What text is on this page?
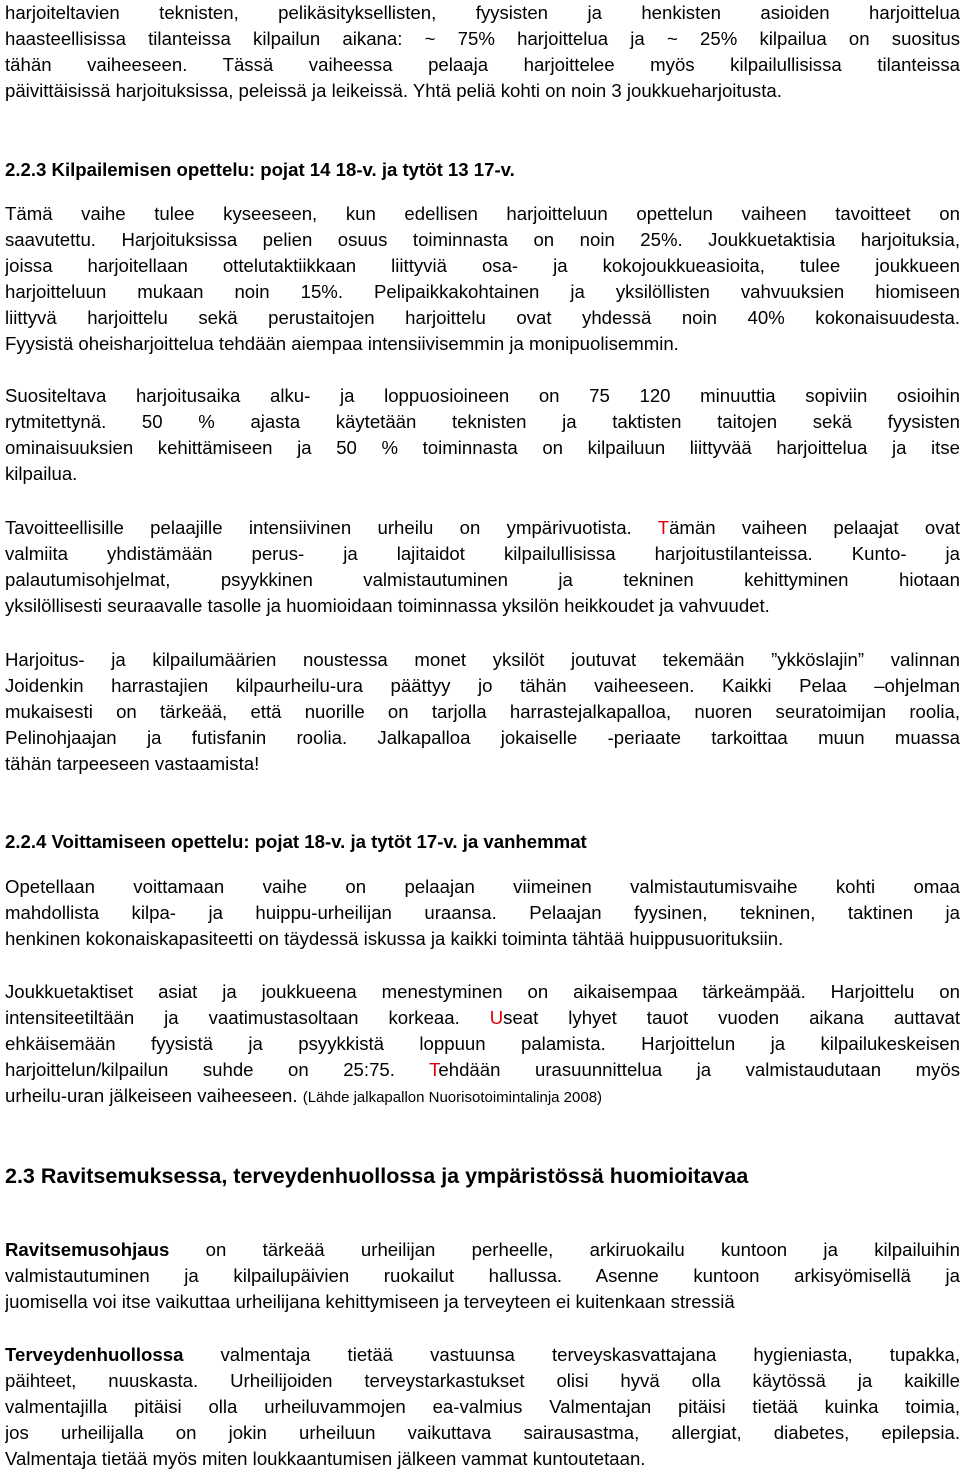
harjoiteltavien teknisten, pelikäsityksellisten, fyysisten ja henkisten asioiden harjoittelua
haasteellisissa tilanteissa kilpailun aikana: ~ 75% harjoittelua ja ~ 25% kilpailua on suositus
tähän vaiheeseen. Tässä vaiheessa pelaaja harjoittelee myös kilpailullisissa tilanteissa
päivittäisissä harjoituksissa, peleissä ja leikeissä. Yhtä peliä kohti on noin 3 joukkueharjoitusta.
2.2.3 Kilpailemisen opettelu: pojat 14 18-v. ja tytöt 13 17-v.
Tämä vaihe tulee kyseeseen, kun edellisen harjoitteluun opettelun vaiheen tavoitteet on
saavutettu. Harjoituksissa pelien osuus toiminnasta on noin 25%. Joukkuetaktisia harjoituksia,
joissa harjoitellaan ottelutaktiikkaan liittyviä osa- ja kokojoukkueasioita, tulee joukkueen
harjoitteluun mukaan noin 15%. Pelipaikkakohtainen ja yksilöllisten vahvuuksien hiomiseen
liittyvä harjoittelu sekä perustaitojen harjoittelu ovat yhdessä noin 40% kokonaisuudesta.
Fyysistä oheisharjoittelua tehdään aiempaa intensiivisemmin ja monipuolisemmin.
Suositeltava harjoitusaika alku- ja loppuosioineen on 75 120 minuuttia sopiviin osioihin
rytmitettynä. 50 % ajasta käytetään teknisten ja taktisten taitojen sekä fyysisten
ominaisuuksien kehittämiseen ja 50 % toiminnasta on kilpailuun liittyvää harjoittelua ja itse
kilpailua.
Tavoitteellisille pelaajille intensiivinen urheilu on ympärivuotista. Tämän vaiheen pelaajat ovat
valmiita yhdistämään perus- ja lajitaidot kilpailullisissa harjoitustilanteissa. Kunto- ja
palautumisohjelmat, psyykkinen valmistautuminen ja tekninen kehittyminen hiotaan
yksilöllisesti seuraavalle tasolle ja huomioidaan toiminnassa yksilön heikkoudet ja vahvuudet.
Harjoitus- ja kilpailumäärien noustessa monet yksilöt joutuvat tekemään ”ykköslajin” valinnan
Joidenkin harrastajien kilpaurheilu-ura päättyy jo tähän vaiheeseen. Kaikki Pelaa –ohjelman
mukaisesti on tärkeää, että nuorille on tarjolla harrastejalkapalloa, nuoren seuratoimijan roolia,
Pelinohjaajan ja futisfanin roolia. Jalkapalloa jokaiselle -periaate tarkoittaa muun muassa
tähän tarpeeseen vastaamista!
2.2.4 Voittamiseen opettelu: pojat 18-v. ja tytöt 17-v. ja vanhemmat
Opetellaan voittamaan vaihe on pelaajan viimeinen valmistautumisvaihe kohti omaa
mahdollista kilpa- ja huippu-urheilijan uraansa. Pelaajan fyysinen, tekninen, taktinen ja
henkinen kokonaiskapasiteetti on täydessä iskussa ja kaikki toiminta tähtää huippusuorituksiin.
Joukkuetaktiset asiat ja joukkueena menestyminen on aikaisempaa tärkeämpää. Harjoittelu on
intensiteetiltään ja vaatimustasoltaan korkeaa. Useat lyhyet tauot vuoden aikana auttavat
ehkäisemään fyysistä ja psyykkistä loppuun palamista. Harjoittelun ja kilpailukeskeisen
harjoittelun/kilpailun suhde on 25:75. Tehdään urasuunnittelua ja valmistaudutaan myös
urheilu-uran jälkeiseen vaiheeseen. (Lähde jalkapallon Nuorisotoimintalinja 2008)
2.3 Ravitsemuksessa, terveydenhuollossa ja ympäristössä huomioitavaa
Ravitsemusohjaus on tärkeää urheilijan perheelle, arkiruokailu kuntoon ja kilpailuihin
valmistautuminen ja kilpailupäivien ruokailut hallussa. Asenne kuntoon arkisyömisellä ja
juomisella voi itse vaikuttaa urheilijana kehittymiseen ja terveyteen ei kuitenkaan stressiä
Terveydenhuollossa valmentaja tietää vastuunsa terveyskasvattajana hygieniasta, tupakka,
päihteet, nuuskasta. Urheilijoiden terveystarkastukset olisi hyvä olla käytössä ja kaikille
valmentajilla pitäisi olla urheiluvammojen ea-valmius Valmentajan pitäisi tietää kuinka toimia,
jos urheilijalla on jokin urheiluun vaikuttava sairausastma, allergiat, diabetes, epilepsia.
Valmentaja tietää myös miten loukkaantumisen jälkeen vammat kuntoutetaan.
